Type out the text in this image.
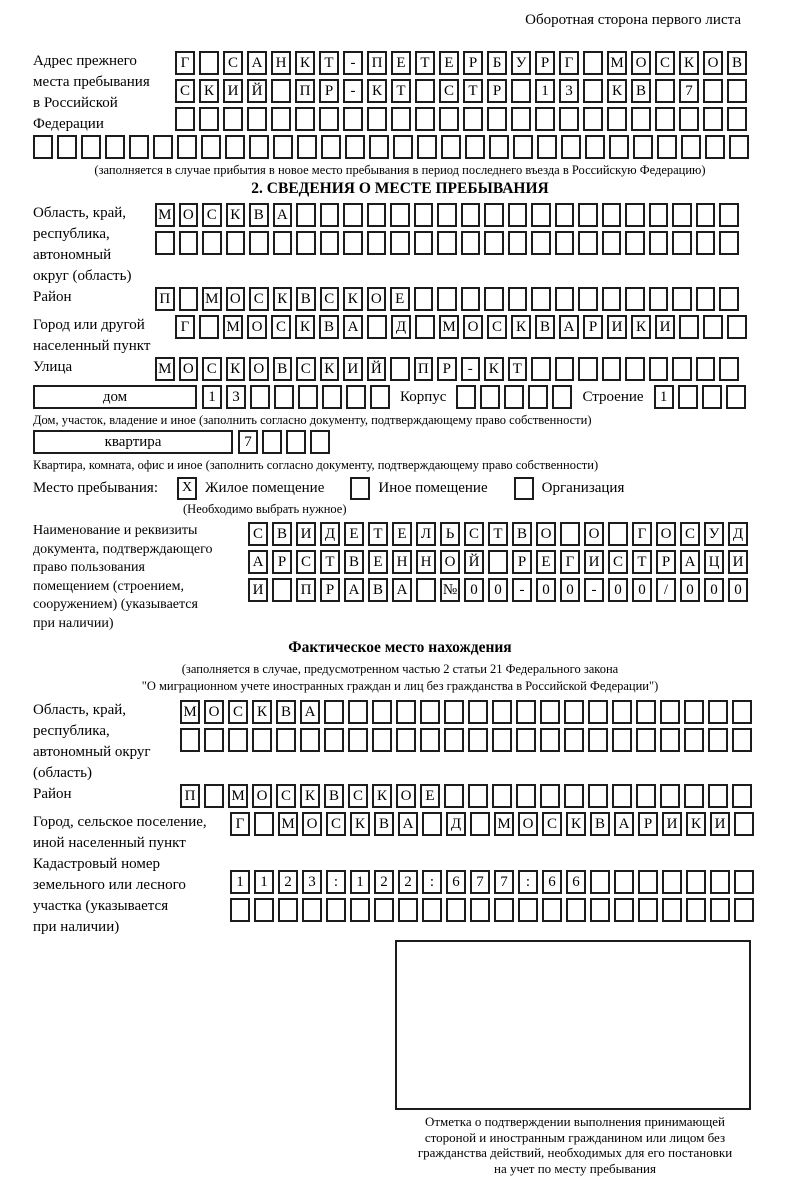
Оборотная сторона первого листа
Адрес прежнего
места пребывания
в Российской
Федерации
Г	С А Н К Т	-	П Е Т Е	Р	Б У Р	Г	М О С К О В
С К И Й	П Р	-	К Т	С Т	Р	1	3	К В	7
(заполняется в случае прибытия в новое место пребывания в период последнего въезда в Российскую Федерацию)
2. СВЕДЕНИЯ О МЕСТЕ ПРЕБЫВАНИЯ
Область, край,
республика,
автономный
округ (область)
М О С К В А
Район	П М О С К В С К О Е
Город или другой
населенный пункт
Г	М О С К В А	Д	М О С К В А Р И К И
Улица	М О С К О В С К И Й П Р	-	К Т
дом	1	3	Корпус	Строение	1
Дом, участок, владение и иное (заполнить согласно документу, подтверждающему право собственности)
квартира	7
Квартира, комната, офис и иное (заполнить согласно документу, подтверждающему право собственности)
Место пребывания:	X Жилое помещение	Иное помещение	Организация
(Необходимо выбрать нужное)
Наименование и реквизиты
документа, подтверждающего
право пользования
помещением (строением,
сооружением) (указывается
при наличии)
С В И Д Е Т Е Л Ь С Т В О	О	Г О С У Д
А Р С Т В Е Н Н О Й	Р	Е	Г И С Т	Р А Ц И
И	П Р А В А	№ 0	0	-	0	0	-	0	0	/	0	0	0
Фактическое место нахождения
(заполняется в случае, предусмотренном частью 2 статьи 21 Федерального закона
"О миграционном учете иностранных граждан и лиц без гражданства в Российской Федерации")
Область, край,
республика,
автономный округ
(область)
М О С К В А
Район	П	М О С К В С К О Е
Город, сельское поселение,
иной населенный пункт
Г	М О С К В А	Д	М О С К В А Р И К И
Кадастровый номер
земельного или лесного
участка (указывается
при наличии)
1	1	2	3	:	1	2	2	:	6	7	7	:	6	6
Отметка о подтверждении выполнения принимающей
стороной и иностранным гражданином или лицом без
гражданства действий, необходимых для его постановки
на учет по месту пребывания
